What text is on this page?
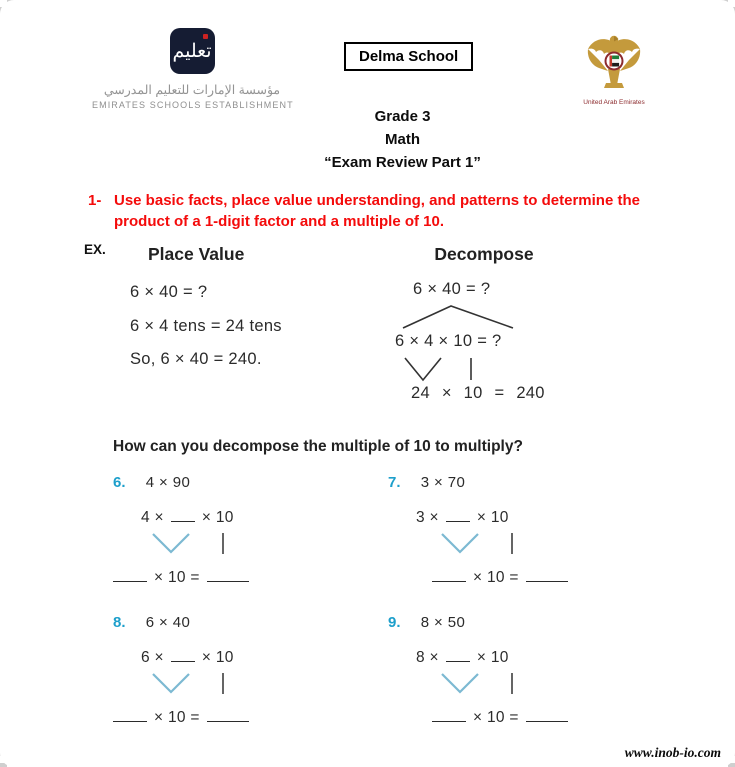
تعليم
مؤسسة الإمارات للتعليم المدرسي
EMIRATES SCHOOLS ESTABLISHMENT
Delma School
United Arab Emirates
Grade 3
Math
“Exam Review Part 1”
1- Use basic facts, place value understanding, and patterns to determine the product of a 1-digit factor and a multiple of 10.
EX. Place Value
6 × 40 = ?
6 × 4 tens = 24 tens
So, 6 × 40 = 240.
Decompose
6 × 40 = ?
6 × 4 × 10 = ?
24 × 10 = 240
How can you decompose the multiple of 10 to multiply?
6. 4 × 90
4 × × 10
× 10 =
7. 3 × 70
3 × × 10
× 10 =
8. 6 × 40
6 × × 10
× 10 =
9. 8 × 50
8 × × 10
× 10 =
www.inob-io.com
